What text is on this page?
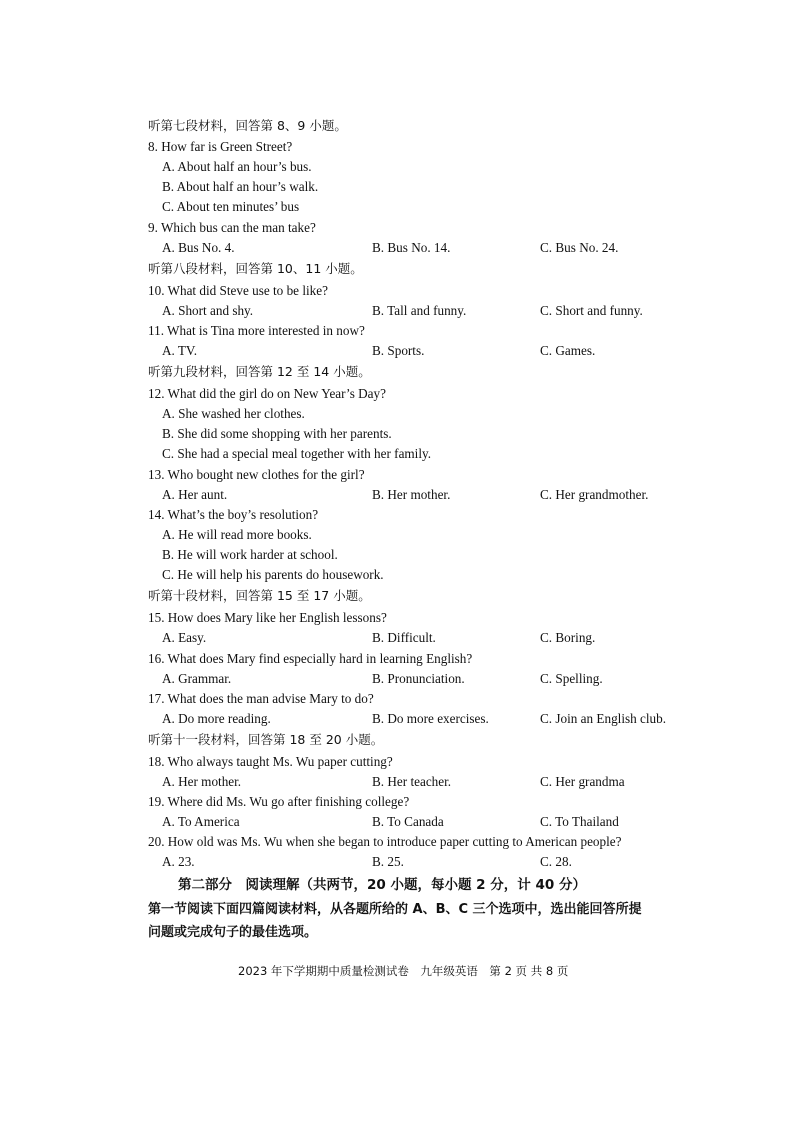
听第七段材料，回答第 8、9 小题。
8. How far is Green Street?
A. About half an hour’s bus.
B. About half an hour’s walk.
C. About ten minutes’ bus
9. Which bus can the man take?
A. Bus No. 4.	B. Bus No. 14.	C. Bus No. 24.
听第八段材料，回答第 10、11 小题。
10. What did Steve use to be like?
A. Short and shy.	B. Tall and funny.	C. Short and funny.
11. What is Tina more interested in now?
A. TV.	B. Sports.	C. Games.
听第九段材料，回答第 12 至 14 小题。
12. What did the girl do on New Year’s Day?
A. She washed her clothes.
B. She did some shopping with her parents.
C. She had a special meal together with her family.
13. Who bought new clothes for the girl?
A. Her aunt.	B. Her mother.	C. Her grandmother.
14. What’s the boy’s resolution?
A. He will read more books.
B. He will work harder at school.
C. He will help his parents do housework.
听第十段材料，回答第 15 至 17 小题。
15. How does Mary like her English lessons?
A. Easy.	B. Difficult.	C. Boring.
16. What does Mary find especially hard in learning English?
A. Grammar.	B. Pronunciation.	C. Spelling.
17. What does the man advise Mary to do?
A. Do more reading.	B. Do more exercises.	C. Join an English club.
听第十一段材料，回答第 18 至 20 小题。
18. Who always taught Ms. Wu paper cutting?
A. Her mother.	B. Her teacher.	C. Her grandma
19. Where did Ms. Wu go after finishing college?
A. To America	B. To Canada	C. To Thailand
20. How old was Ms. Wu when she began to introduce paper cutting to American people?
A. 23.	B. 25.	C. 28.
第二部分　阅读理解（共两节，20 小题，每小题 2 分，计 40 分）
第一节阅读下面四篇阅读材料，从各题所给的 A、B、C 三个选项中，选出能回答所提
问题或完成句子的最佳选项。
2023 年下学期期中质量检测试卷　九年级英语　第 2 页 共 8 页
